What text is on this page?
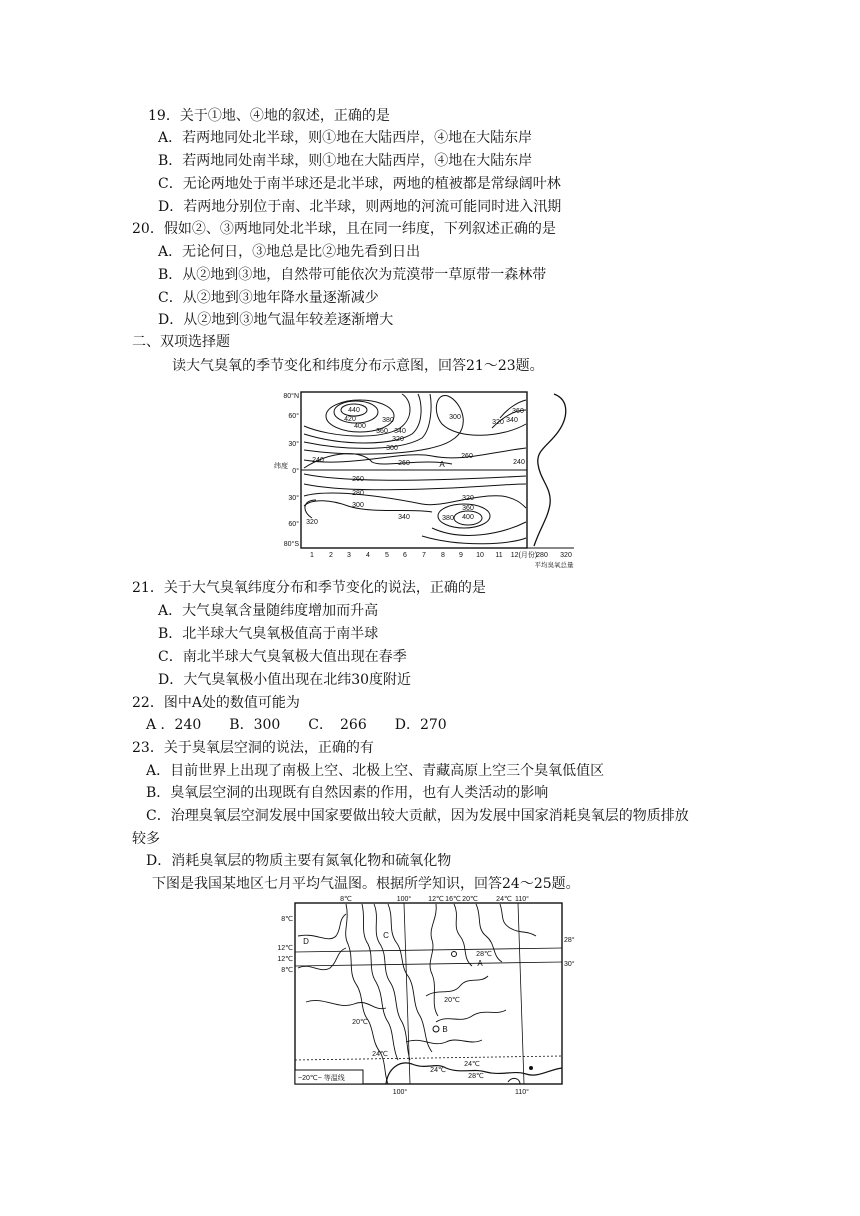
19．关于①地、④地的叙述，正确的是
A．若两地同处北半球，则①地在大陆西岸，④地在大陆东岸
B．若两地同处南半球，则①地在大陆西岸，④地在大陆东岸
C．无论两地处于南半球还是北半球，两地的植被都是常绿阔叶林
D．若两地分别位于南、北半球，则两地的河流可能同时进入汛期
20．假如②、③两地同处北半球，且在同一纬度，下列叙述正确的是
A．无论何日，③地总是比②地先看到日出
B．从②地到③地，自然带可能依次为荒漠带一草原带一森林带
C．从②地到③地年降水量逐渐减少
D．从②地到③地气温年较差逐渐增大
二、双项选择题
读大气臭氧的季节变化和纬度分布示意图，回答21～23题。
440
420
400
380
360 340
320
300
260
240	240
260
A
300
360
320 340
260
280
300
320
340	380 400
360
320
80°N
60°
30°
0°
30°
60°
80°S
纬度
1 2 3 4 5 6 7 8 9 10 11 12(月份)
280 320
平均臭氧总量
21．关于大气臭氧纬度分布和季节变化的说法，正确的是
A．大气臭氧含量随纬度增加而升高
B．北半球大气臭氧极值高于南半球
C．南北半球大气臭氧极大值出现在春季
D．大气臭氧极小值出现在北纬30度附近
22．图中A处的数值可能为
A ．240　　B．300　　C．　266　　D．270
23．关于臭氧层空洞的说法，正确的有
A．目前世界上出现了南极上空、北极上空、青藏高原上空三个臭氧低值区
B．臭氧层空洞的出现既有自然因素的作用，也有人类活动的影响
C．治理臭氧层空洞发展中国家要做出较大贡献，因为发展中国家消耗臭氧层的物质排放
较多
D．消耗臭氧层的物质主要有氮氧化物和硫氧化物
下图是我国某地区七月平均气温图。根据所学知识，回答24～25题。
8℃	100° 12℃ 16℃ 20℃	24℃ 110°
8℃
12℃
12℃
8℃
28°
30°
D
C
A
28℃
20℃
20℃
B
24℃
24℃
24℃
28℃
~20℃~ 等温线
100°	110°
